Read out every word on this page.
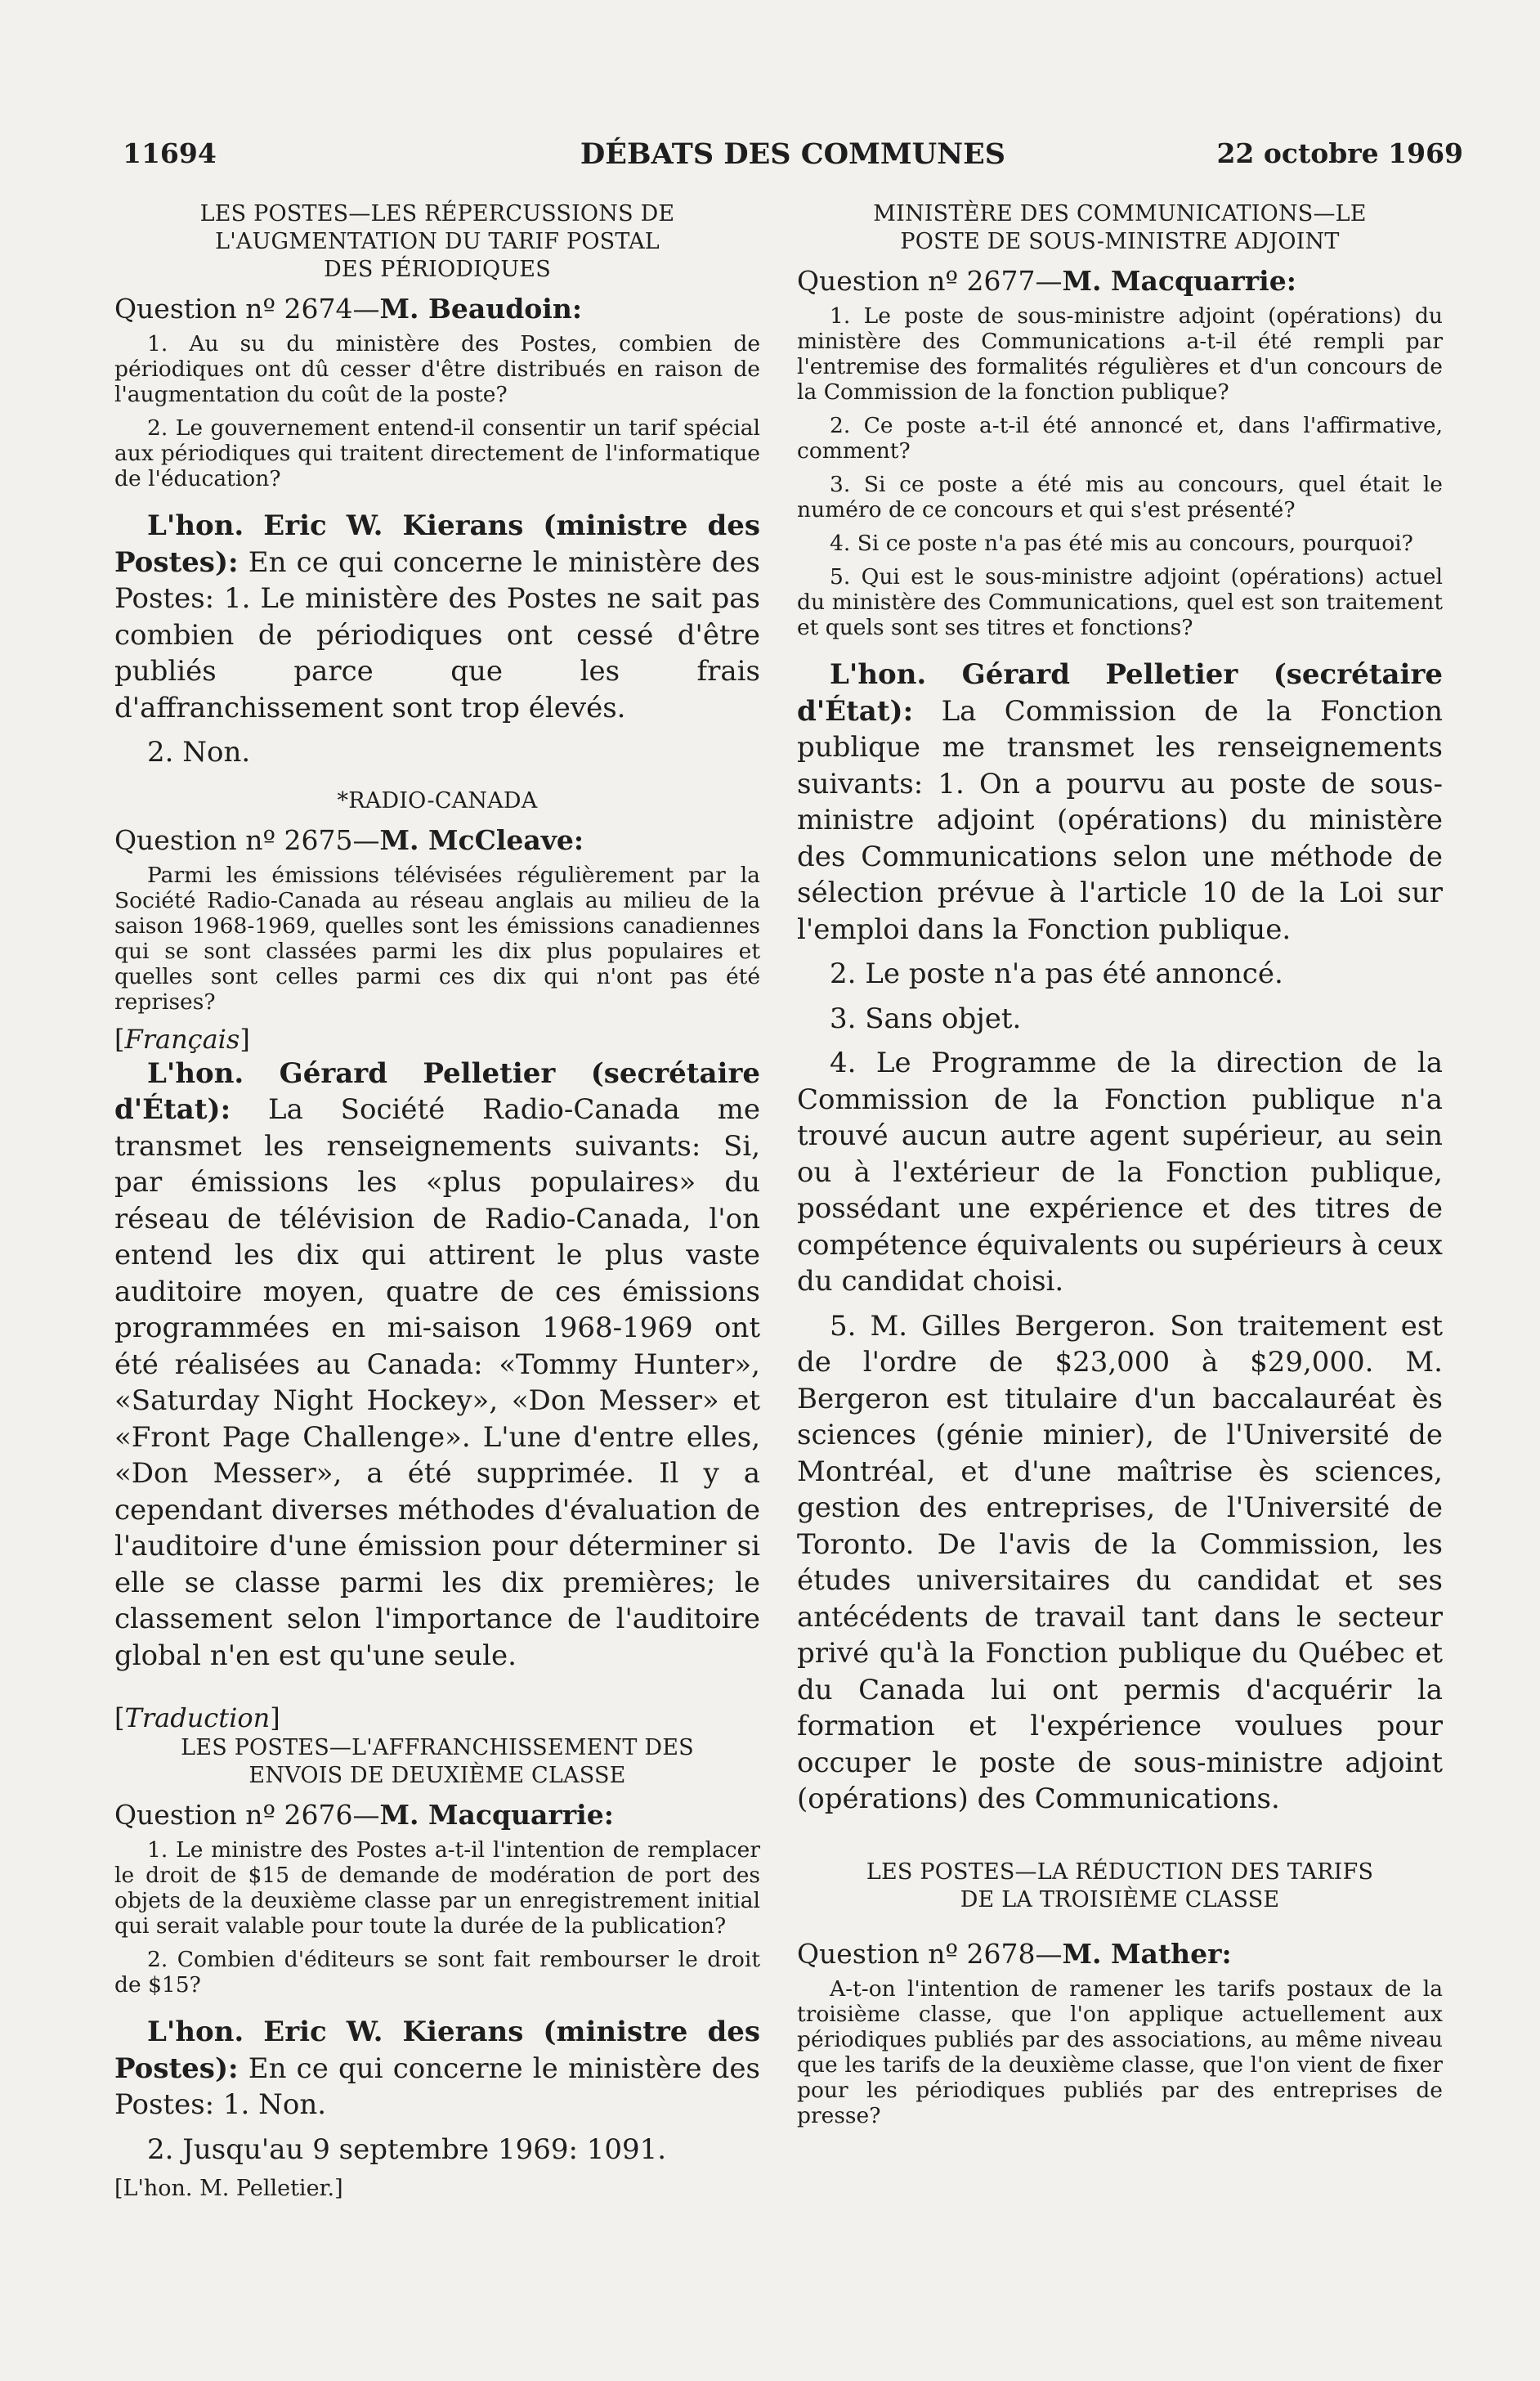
11694	DÉBATS DES COMMUNES	22 octobre 1969
LES POSTES—LES RÉPERCUSSIONS DE
L'AUGMENTATION DU TARIF POSTAL
DES PÉRIODIQUES
Question nº 2674—M. Beaudoin:

1. Au su du ministère des Postes, combien de périodiques ont dû cesser d'être distribués en raison de l'augmentation du coût de la poste?

2. Le gouvernement entend-il consentir un tarif spécial aux périodiques qui traitent directement de l'informatique de l'éducation?

L'hon. Eric W. Kierans (ministre des Postes): En ce qui concerne le ministère des Postes: 1. Le ministère des Postes ne sait pas combien de périodiques ont cessé d'être publiés parce que les frais d'affranchissement sont trop élevés.

2. Non.

*RADIO-CANADA
Question nº 2675—M. McCleave:

Parmi les émissions télévisées régulièrement par la Société Radio-Canada au réseau anglais au milieu de la saison 1968-1969, quelles sont les émissions canadiennes qui se sont classées parmi les dix plus populaires et quelles sont celles parmi ces dix qui n'ont pas été reprises?

[Français]

L'hon. Gérard Pelletier (secrétaire d'État): La Société Radio-Canada me transmet les renseignements suivants: Si, par émissions les «plus populaires» du réseau de télévision de Radio-Canada, l'on entend les dix qui attirent le plus vaste auditoire moyen, quatre de ces émissions programmées en mi-saison 1968-1969 ont été réalisées au Canada: «Tommy Hunter», «Saturday Night Hockey», «Don Messer» et «Front Page Challenge». L'une d'entre elles, «Don Messer», a été supprimée. Il y a cependant diverses méthodes d'évaluation de l'auditoire d'une émission pour déterminer si elle se classe parmi les dix premières; le classement selon l'importance de l'auditoire global n'en est qu'une seule.

[Traduction]
LES POSTES—L'AFFRANCHISSEMENT DES
ENVOIS DE DEUXIÈME CLASSE
Question nº 2676—M. Macquarrie:

1. Le ministre des Postes a-t-il l'intention de remplacer le droit de $15 de demande de modération de port des objets de la deuxième classe par un enregistrement initial qui serait valable pour toute la durée de la publication?

2. Combien d'éditeurs se sont fait rembourser le droit de $15?

L'hon. Eric W. Kierans (ministre des Postes): En ce qui concerne le ministère des Postes: 1. Non.

2. Jusqu'au 9 septembre 1969: 1091.

[L'hon. M. Pelletier.]

MINISTÈRE DES COMMUNICATIONS—LE
POSTE DE SOUS-MINISTRE ADJOINT
Question nº 2677—M. Macquarrie:

1. Le poste de sous-ministre adjoint (opérations) du ministère des Communications a-t-il été rempli par l'entremise des formalités régulières et d'un concours de la Commission de la fonction publique?

2. Ce poste a-t-il été annoncé et, dans l'affirmative, comment?

3. Si ce poste a été mis au concours, quel était le numéro de ce concours et qui s'est présenté?

4. Si ce poste n'a pas été mis au concours, pourquoi?

5. Qui est le sous-ministre adjoint (opérations) actuel du ministère des Communications, quel est son traitement et quels sont ses titres et fonctions?

L'hon. Gérard Pelletier (secrétaire d'État): La Commission de la Fonction publique me transmet les renseignements suivants: 1. On a pourvu au poste de sous-ministre adjoint (opérations) du ministère des Communications selon une méthode de sélection prévue à l'article 10 de la Loi sur l'emploi dans la Fonction publique.

2. Le poste n'a pas été annoncé.

3. Sans objet.

4. Le Programme de la direction de la Commission de la Fonction publique n'a trouvé aucun autre agent supérieur, au sein ou à l'extérieur de la Fonction publique, possédant une expérience et des titres de compétence équivalents ou supérieurs à ceux du candidat choisi.

5. M. Gilles Bergeron. Son traitement est de l'ordre de $23,000 à $29,000. M. Bergeron est titulaire d'un baccalauréat ès sciences (génie minier), de l'Université de Montréal, et d'une maîtrise ès sciences, gestion des entreprises, de l'Université de Toronto. De l'avis de la Commission, les études universitaires du candidat et ses antécédents de travail tant dans le secteur privé qu'à la Fonction publique du Québec et du Canada lui ont permis d'acquérir la formation et l'expérience voulues pour occuper le poste de sous-ministre adjoint (opérations) des Communications.

LES POSTES—LA RÉDUCTION DES TARIFS
DE LA TROISIÈME CLASSE
Question nº 2678—M. Mather:

A-t-on l'intention de ramener les tarifs postaux de la troisième classe, que l'on applique actuellement aux périodiques publiés par des associations, au même niveau que les tarifs de la deuxième classe, que l'on vient de fixer pour les périodiques publiés par des entreprises de presse?
